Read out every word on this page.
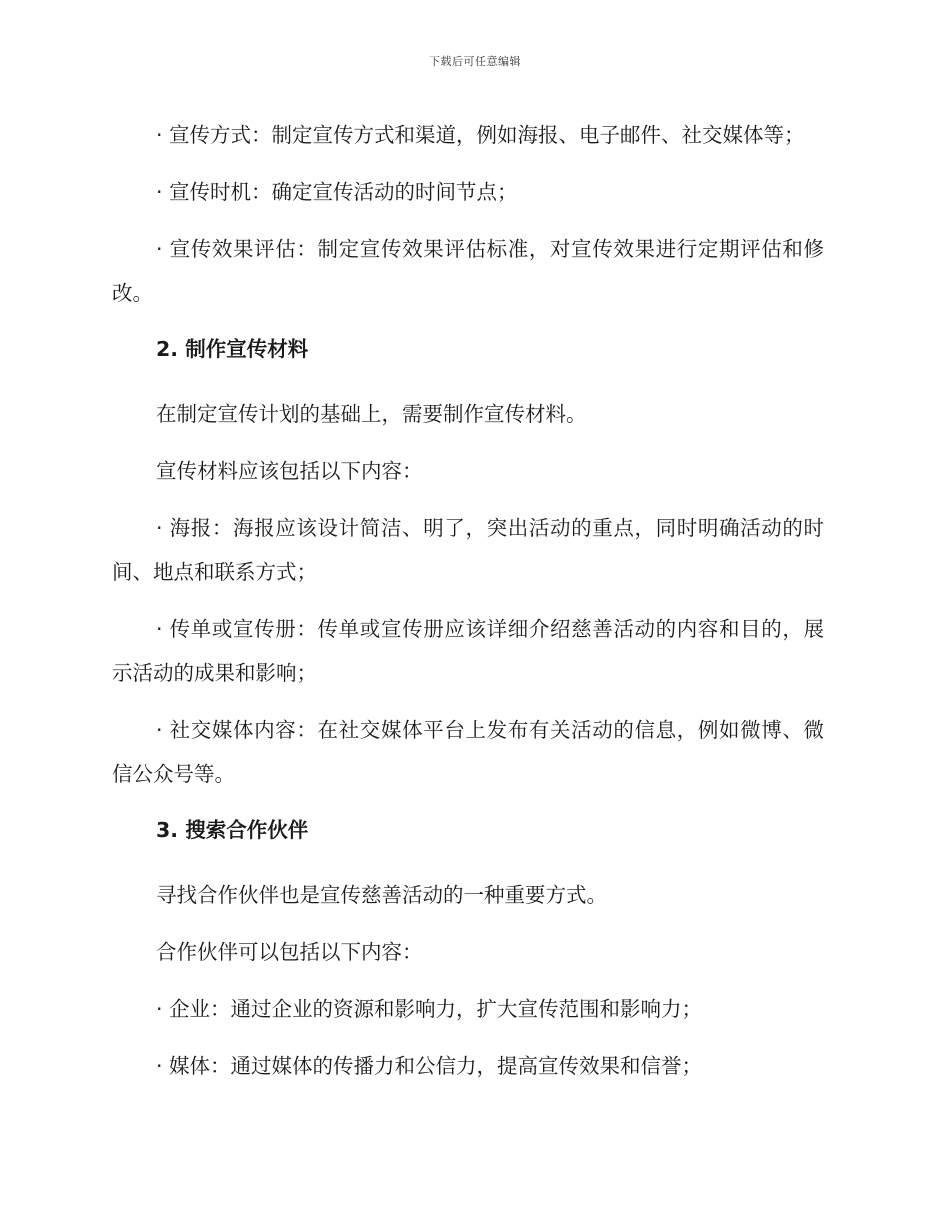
下载后可任意编辑

· 宣传方式：制定宣传方式和渠道，例如海报、电子邮件、社交媒体等；

· 宣传时机：确定宣传活动的时间节点；

· 宣传效果评估：制定宣传效果评估标准，对宣传效果进行定期评估和修改。

2. 制作宣传材料

在制定宣传计划的基础上，需要制作宣传材料。

宣传材料应该包括以下内容：

· 海报：海报应该设计简洁、明了，突出活动的重点，同时明确活动的时间、地点和联系方式；

· 传单或宣传册：传单或宣传册应该详细介绍慈善活动的内容和目的，展示活动的成果和影响；

· 社交媒体内容：在社交媒体平台上发布有关活动的信息，例如微博、微信公众号等。

3. 搜索合作伙伴

寻找合作伙伴也是宣传慈善活动的一种重要方式。

合作伙伴可以包括以下内容：

· 企业：通过企业的资源和影响力，扩大宣传范围和影响力；

· 媒体：通过媒体的传播力和公信力，提高宣传效果和信誉；
